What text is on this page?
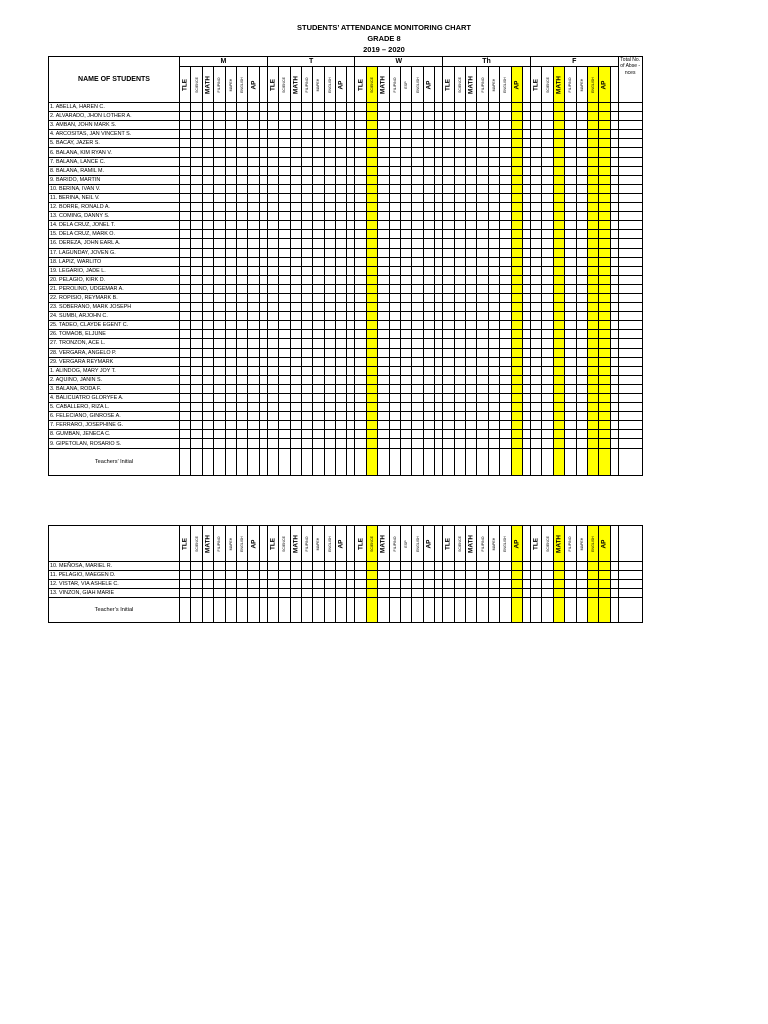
STUDENTS’ ATTENDANCE MONITORING CHART
GRADE 8
2019 – 2020
NAME OF STUDENTS	M								T								W								Th								F								Total No. of Abse -nces

	TLE	SCIENCE	MATH	FILIPINO	MAPEH	ENGLISH	AP		TLE	SCIENCE	MATH	FILIPINO	MAPEH	ENGLISH	AP		TLE	SCIENCE	MATH	FILIPINO	ESP	ENGLISH	AP		TLE	SCIENCE	MATH	FILIPINO	MAPEH	ENGLISH	AP		TLE	SCIENCE	MATH	FILIPINO	MAPEH	ENGLISH	AP		

1. ABELLA, HAREN C.																																									
2. ALVARADO, JHON LOTHER A.																																									
3. AMBAN, JOHN MARK S.																																									
4. ARCOSITAS, JAN VINCENT S.																																									
5. BACAY, JAZER S.																																									
6. BALANA, KIM RYAN V.																																									
7. BALANA, LANCE C.																																									
8. BALANA, RAMIL M.																																									
9. BARIDO, MARTIN																																									
10. BERINA, IVAN V.																																									
11. BERINA, NEIL V.																																									
12. BORRE, RONALD A.																																									
13. COMING, DANNY S.																																									
14. DELA CRUZ, JONEL T.																																									
15. DELA CRUZ, MARK O.																																									
16. DEREZA, JOHN EARL A.																																									
17. LAGUNDAY, JOVEN G.																																									
18. LAPIZ, WARLITO																																									
19. LEGARIO, JADE L.																																									
20. PELAGIO, KIRK D.																																									
21. PEROLINO, UDGEMAR A.																																									
22. ROPISIO, REYMARK B.																																									
23. SOBERANO, MARK JOSEPH																																									
24. SUMBI, ARJOHN C.																																									
25. TADEO, CLAYDE EGENT C.																																									
26. TOMAOB, ELJUNE																																									
27. TRONZON, ACE L.																																									
28. VERGARA, ANGELO P.																																									
29. VERGARA REYMARK																																									
1. ALINDOG, MARY JOY T.																																									
2. AQUINO, JANIN S.																																									
3. BALANA, RODA F.																																									
4. BALICUATRO GLORYFE A.																																									
5. CABALLERO, RIZA L.																																									
6. FELECIANO, GINROSE A.																																									
7. FERRARO, JOSEPHINE G.																																									
8. GUMBAN, JENECA C.																																									
9. GIPETOLAN, ROSARIO S.																																									
Teachers’ Initial																																									

	TLE	SCIENCE	MATH	FILIPINO	MAPEH	ENGLISH	AP		TLE	SCIENCE	MATH	FILIPINO	MAPEH	ENGLISH	AP		TLE	SCIENCE	MATH	FILIPINO	ESP	ENGLISH	AP		TLE	SCIENCE	MATH	FILIPINO	MAPEH	ENGLISH	AP		TLE	SCIENCE	MATH	FILIPINO	MAPEH	ENGLISH	AP		

10. MEÑOSA, MARIEL R.																																									
11. PELAGIO, MAEGEN D.																																									
12. VISTAR, VIA ASHELE C.																																									
13. VINZON, GIAH MARIE																																									
Teacher’s Initial																																									
